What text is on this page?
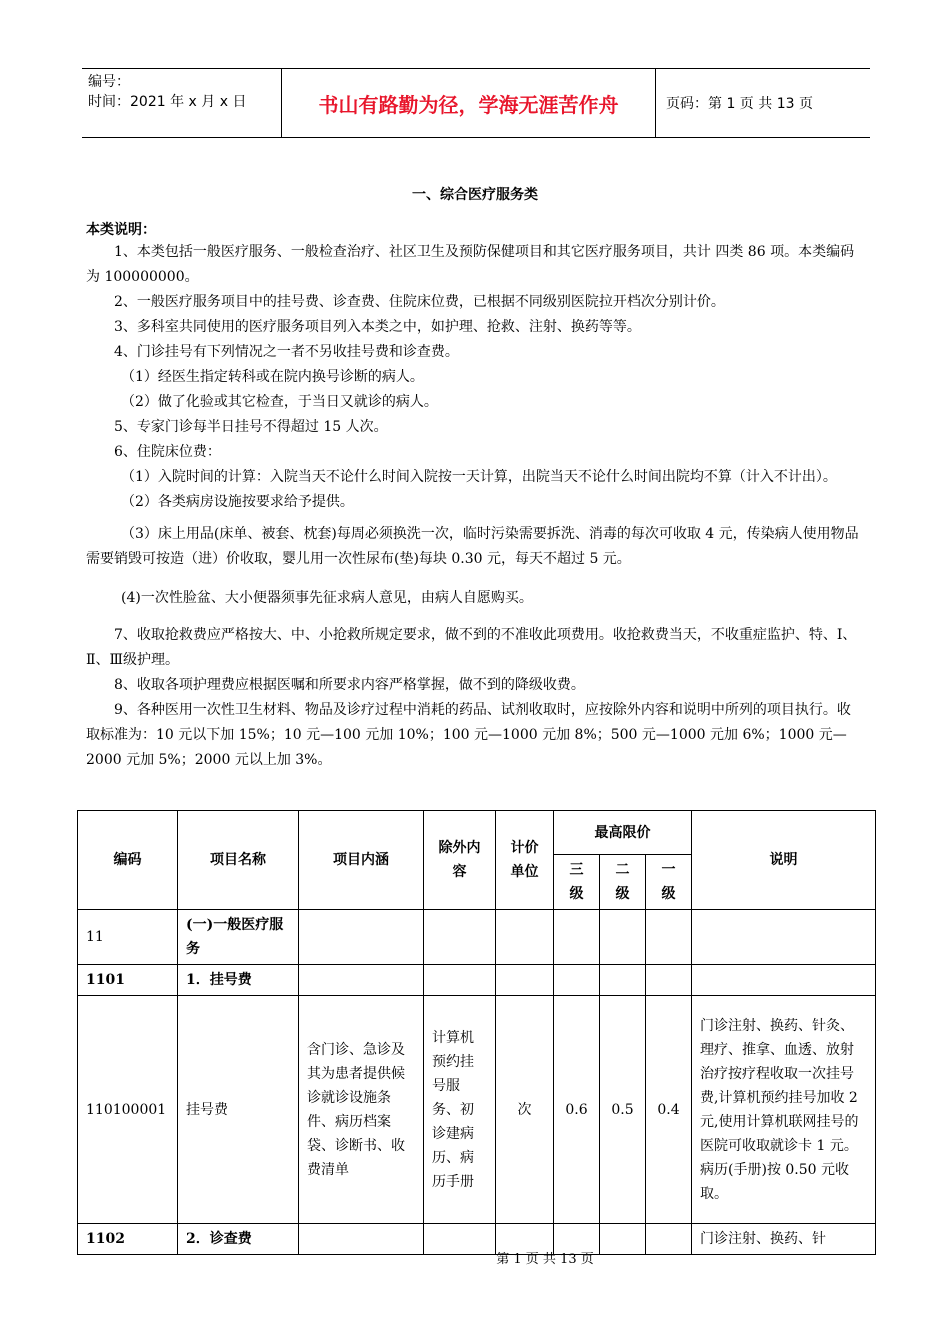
编号：
时间：2021 年 x 月 x 日	书山有路勤为径，学海无涯苦作舟	页码：第 1 页 共 13 页
一、综合医疗服务类
本类说明：
1、本类包括一般医疗服务、一般检查治疗、社区卫生及预防保健项目和其它医疗服务项目，共计 四类 86 项。本类编码为 100000000。
2、一般医疗服务项目中的挂号费、诊查费、住院床位费，已根据不同级别医院拉开档次分别计价。
3、多科室共同使用的医疗服务项目列入本类之中，如护理、抢救、注射、换药等等。
4、门诊挂号有下列情况之一者不另收挂号费和诊查费。
（1）经医生指定转科或在院内换号诊断的病人。
（2）做了化验或其它检查，于当日又就诊的病人。
5、专家门诊每半日挂号不得超过 15 人次。
6、住院床位费：
（1）入院时间的计算：入院当天不论什么时间入院按一天计算，出院当天不论什么时间出院均不算（计入不计出）。
（2）各类病房设施按要求给予提供。
（3）床上用品(床单、被套、枕套)每周必须换洗一次，临时污染需要拆洗、消毒的每次可收取 4 元，传染病人使用物品需要销毁可按造（进）价收取，婴儿用一次性尿布(垫)每块 0.30 元，每天不超过 5 元。
(4)一次性脸盆、大小便器须事先征求病人意见，由病人自愿购买。
7、收取抢救费应严格按大、中、小抢救所规定要求，做不到的不准收此项费用。收抢救费当天，不收重症监护、特、Ⅰ、Ⅱ、Ⅲ级护理。
8、收取各项护理费应根据医嘱和所要求内容严格掌握，做不到的降级收费。
9、各种医用一次性卫生材料、物品及诊疗过程中消耗的药品、试剂收取时，应按除外内容和说明中所列的项目执行。收取标准为：10 元以下加 15%；10 元—100 元加 10%；100 元—1000 元加 8%；500 元—1000 元加 6%；1000 元—2000 元加 5%；2000 元以上加 3%。
编码	项目名称	项目内涵	除外内容	计价单位	最高限价			说明
					三级	二级	一级	
11	(一)一般医疗服务							
1101	1．挂号费							
110100001	挂号费	含门诊、急诊及其为患者提供候诊就诊设施条件、病历档案袋、诊断书、收费清单	计算机预约挂号服务、初诊建病历、病历手册	次	0.6	0.5	0.4	门诊注射、换药、针灸、理疗、推拿、血透、放射治疗按疗程收取一次挂号费,计算机预约挂号加收 2 元,使用计算机联网挂号的医院可收取就诊卡 1 元。病历(手册)按 0.50 元收取。
1102	2．诊查费							门诊注射、换药、针
第 1 页 共 13 页
